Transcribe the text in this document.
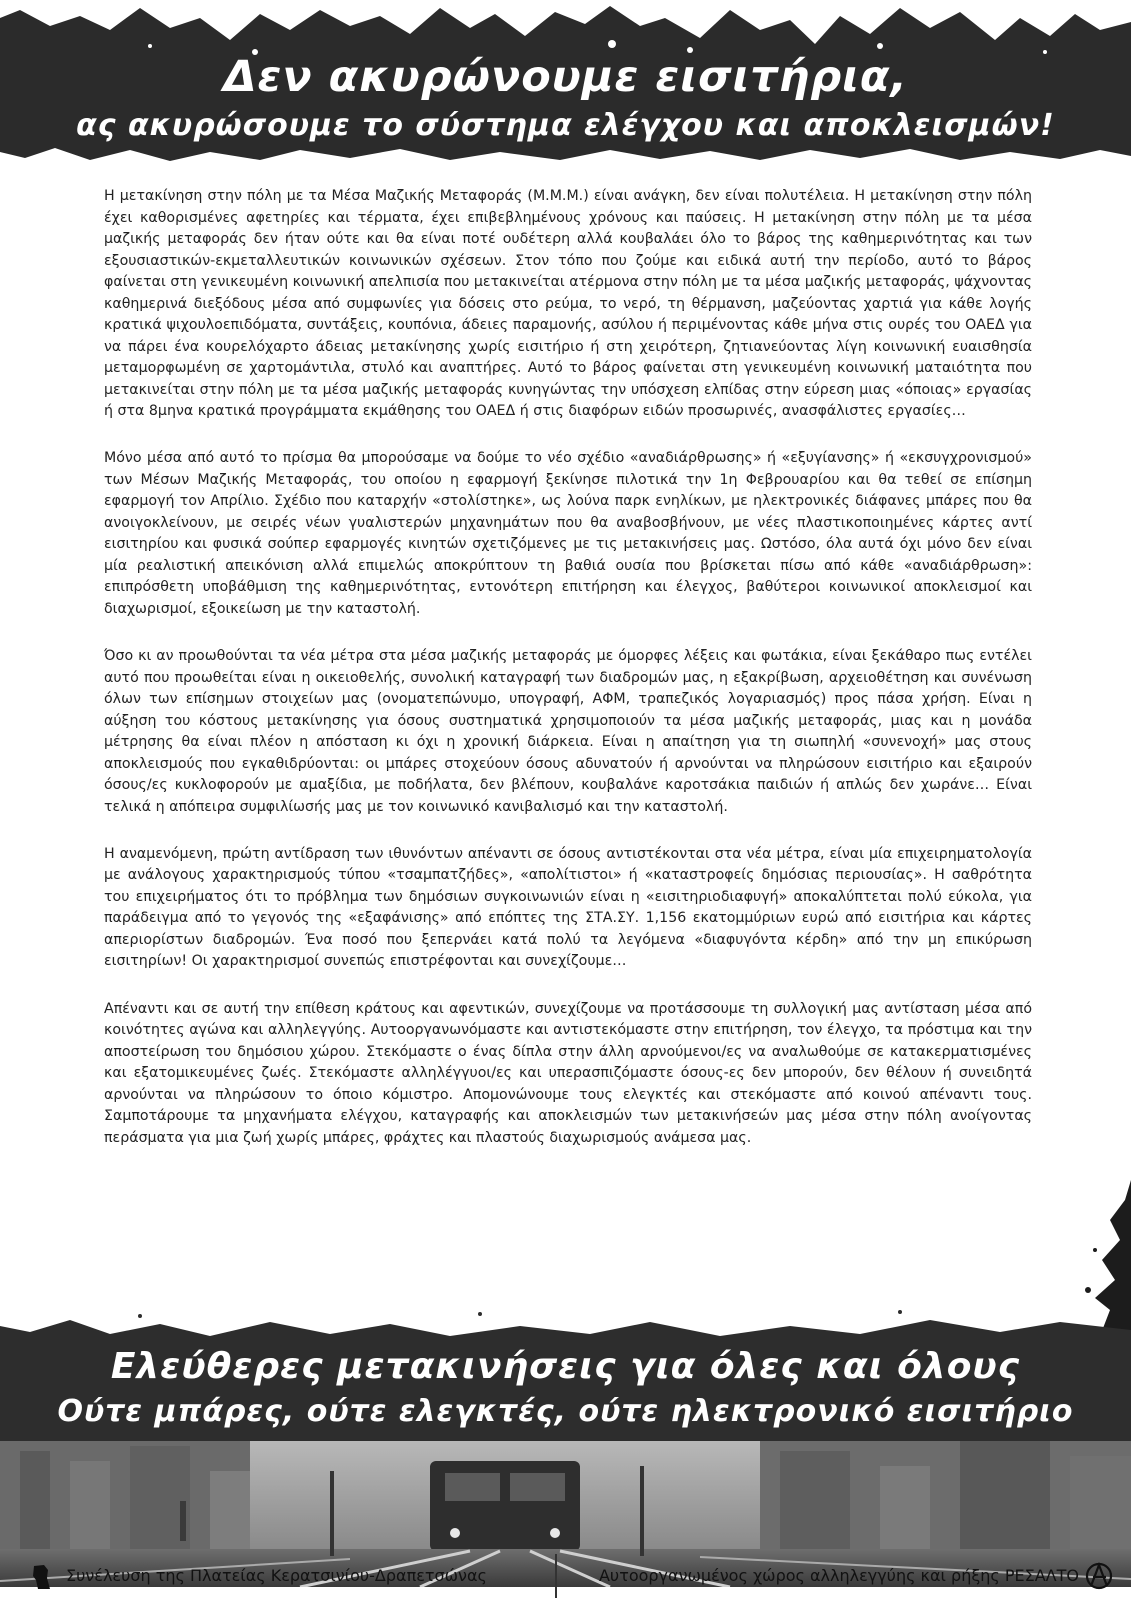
Δεν ακυρώνουμε εισιτήρια,
ας ακυρώσουμε το σύστημα ελέγχου και αποκλεισμών!

Η μετακίνηση στην πόλη με τα Μέσα Μαζικής Μεταφοράς (Μ.Μ.Μ.) είναι ανάγκη, δεν είναι πολυτέλεια. Η μετακίνηση στην πόλη έχει καθορισμένες αφετηρίες και τέρματα, έχει επιβεβλημένους χρόνους και παύσεις. Η μετακίνηση στην πόλη με τα μέσα μαζικής μεταφοράς δεν ήταν ούτε και θα είναι ποτέ ουδέτερη αλλά κουβαλάει όλο το βάρος της καθημερινότητας και των εξουσιαστικών-εκμεταλλευτικών κοινωνικών σχέσεων. Στον τόπο που ζούμε και ειδικά αυτή την περίοδο, αυτό το βάρος φαίνεται στη γενικευμένη κοινωνική απελπισία που μετακινείται ατέρμονα στην πόλη με τα μέσα μαζικής μεταφοράς, ψάχνοντας καθημερινά διεξόδους μέσα από συμφωνίες για δόσεις στο ρεύμα, το νερό, τη θέρμανση, μαζεύοντας χαρτιά για κάθε λογής κρατικά ψιχουλοεπιδόματα, συντάξεις, κουπόνια, άδειες παραμονής, ασύλου ή περιμένοντας κάθε μήνα στις ουρές του ΟΑΕΔ για να πάρει ένα κουρελόχαρτο άδειας μετακίνησης χωρίς εισιτήριο ή στη χειρότερη, ζητιανεύοντας λίγη κοινωνική ευαισθησία μεταμορφωμένη σε χαρτομάντιλα, στυλό και αναπτήρες. Αυτό το βάρος φαίνεται στη γενικευμένη κοινωνική ματαιότητα που μετακινείται στην πόλη με τα μέσα μαζικής μεταφοράς κυνηγώντας την υπόσχεση ελπίδας στην εύρεση μιας «όποιας» εργασίας ή στα 8μηνα κρατικά προγράμματα εκμάθησης του ΟΑΕΔ ή στις διαφόρων ειδών προσωρινές, ανασφάλιστες εργασίες…

Μόνο μέσα από αυτό το πρίσμα θα μπορούσαμε να δούμε το νέο σχέδιο «αναδιάρθρωσης» ή «εξυγίανσης» ή «εκσυγχρονισμού» των Μέσων Μαζικής Μεταφοράς, του οποίου η εφαρμογή ξεκίνησε πιλοτικά την 1η Φεβρουαρίου και θα τεθεί σε επίσημη εφαρμογή τον Απρίλιο. Σχέδιο που καταρχήν «στολίστηκε», ως λούνα παρκ ενηλίκων, με ηλεκτρονικές διάφανες μπάρες που θα ανοιγοκλείνουν, με σειρές νέων γυαλιστερών μηχανημάτων που θα αναβοσβήνουν, με νέες πλαστικοποιημένες κάρτες αντί εισιτηρίου και φυσικά σούπερ εφαρμογές κινητών σχετιζόμενες με τις μετακινήσεις μας. Ωστόσο, όλα αυτά όχι μόνο δεν είναι μία ρεαλιστική απεικόνιση αλλά επιμελώς αποκρύπτουν τη βαθιά ουσία που βρίσκεται πίσω από κάθε «αναδιάρθρωση»: επιπρόσθετη υποβάθμιση της καθημερινότητας, εντονότερη επιτήρηση και έλεγχος, βαθύτεροι κοινωνικοί αποκλεισμοί και διαχωρισμοί, εξοικείωση με την καταστολή.

Όσο κι αν προωθούνται τα νέα μέτρα στα μέσα μαζικής μεταφοράς με όμορφες λέξεις και φωτάκια, είναι ξεκάθαρο πως εντέλει αυτό που προωθείται είναι η οικειοθελής, συνολική καταγραφή των διαδρομών μας, η εξακρίβωση, αρχειοθέτηση και συνένωση όλων των επίσημων στοιχείων μας (ονοματεπώνυμο, υπογραφή, ΑΦΜ, τραπεζικός λογαριασμός) προς πάσα χρήση. Είναι η αύξηση του κόστους μετακίνησης για όσους συστηματικά χρησιμοποιούν τα μέσα μαζικής μεταφοράς, μιας και η μονάδα μέτρησης θα είναι πλέον η απόσταση κι όχι η χρονική διάρκεια. Είναι η απαίτηση για τη σιωπηλή «συνενοχή» μας στους αποκλεισμούς που εγκαθιδρύονται: οι μπάρες στοχεύουν όσους αδυνατούν ή αρνούνται να πληρώσουν εισιτήριο και εξαιρούν όσους/ες κυκλοφορούν με αμαξίδια, με ποδήλατα, δεν βλέπουν, κουβαλάνε καροτσάκια παιδιών ή απλώς δεν χωράνε… Είναι τελικά η απόπειρα συμφιλίωσής μας με τον κοινωνικό κανιβαλισμό και την καταστολή.

Η αναμενόμενη, πρώτη αντίδραση των ιθυνόντων απέναντι σε όσους αντιστέκονται στα νέα μέτρα, είναι μία επιχειρηματολογία με ανάλογους χαρακτηρισμούς τύπου «τσαμπατζήδες», «απολίτιστοι» ή «καταστροφείς δημόσιας περιουσίας». Η σαθρότητα του επιχειρήματος ότι το πρόβλημα των δημόσιων συγκοινωνιών είναι η «εισιτηριοδιαφυγή» αποκαλύπτεται πολύ εύκολα, για παράδειγμα από το γεγονός της «εξαφάνισης» από επόπτες της ΣΤΑ.ΣΥ. 1,156 εκατομμύριων ευρώ από εισιτήρια και κάρτες απεριορίστων διαδρομών. Ένα ποσό που ξεπερνάει κατά πολύ τα λεγόμενα «διαφυγόντα κέρδη» από την μη επικύρωση εισιτηρίων! Οι χαρακτηρισμοί συνεπώς επιστρέφονται και συνεχίζουμε…

Απέναντι και σε αυτή την επίθεση κράτους και αφεντικών, συνεχίζουμε να προτάσσουμε τη συλλογική μας αντίσταση μέσα από κοινότητες αγώνα και αλληλεγγύης. Αυτοοργανωνόμαστε και αντιστεκόμαστε στην επιτήρηση, τον έλεγχο, τα πρόστιμα και την αποστείρωση του δημόσιου χώρου. Στεκόμαστε ο ένας δίπλα στην άλλη αρνούμενοι/ες να αναλωθούμε σε κατακερματισμένες και εξατομικευμένες ζωές. Στεκόμαστε αλληλέγγυοι/ες και υπερασπιζόμαστε όσους-ες δεν μπορούν, δεν θέλουν ή συνειδητά αρνούνται να πληρώσουν το όποιο κόμιστρο. Απομονώνουμε τους ελεγκτές και στεκόμαστε από κοινού απέναντι τους. Σαμποτάρουμε τα μηχανήματα ελέγχου, καταγραφής και αποκλεισμών των μετακινήσεών μας μέσα στην πόλη ανοίγοντας περάσματα για μια ζωή χωρίς μπάρες, φράχτες και πλαστούς διαχωρισμούς ανάμεσα μας.

Ελεύθερες μετακινήσεις για όλες και όλους
Ούτε μπάρες, ούτε ελεγκτές, ούτε ηλεκτρονικό εισιτήριο
Συνέλευση της Πλατείας Κερατσινίου-Δραπετσώνας	Αυτοοργανωμένος χώρος αλληλεγγύης και ρήξης ΡΕΣΑΛΤΟ
